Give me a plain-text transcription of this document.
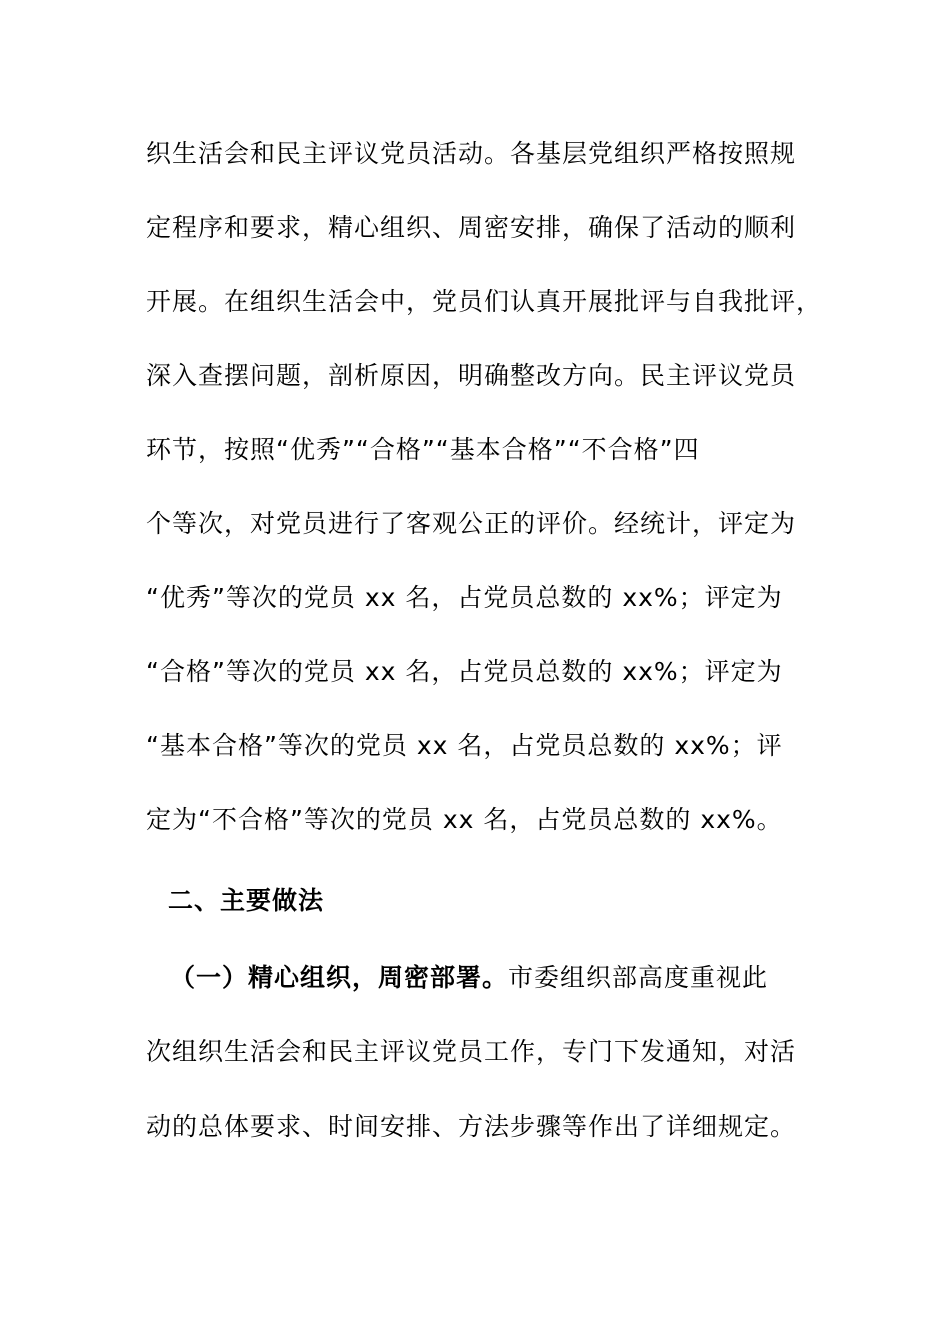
织生活会和民主评议党员活动。各基层党组织严格按照规
定程序和要求，精心组织、周密安排，确保了活动的顺利
开展。在组织生活会中，党员们认真开展批评与自我批评，
深入查摆问题，剖析原因，明确整改方向。民主评议党员
环节，按照“优秀”“合格”“基本合格”“不合格”四
个等次，对党员进行了客观公正的评价。经统计，评定为
“优秀”等次的党员 xx 名，占党员总数的 xx%；评定为
“合格”等次的党员 xx 名，占党员总数的 xx%；评定为
“基本合格”等次的党员 xx 名，占党员总数的 xx%；评
定为“不合格”等次的党员 xx 名，占党员总数的 xx%。
二、主要做法
（一）精心组织，周密部署。市委组织部高度重视此
次组织生活会和民主评议党员工作，专门下发通知，对活
动的总体要求、时间安排、方法步骤等作出了详细规定。
